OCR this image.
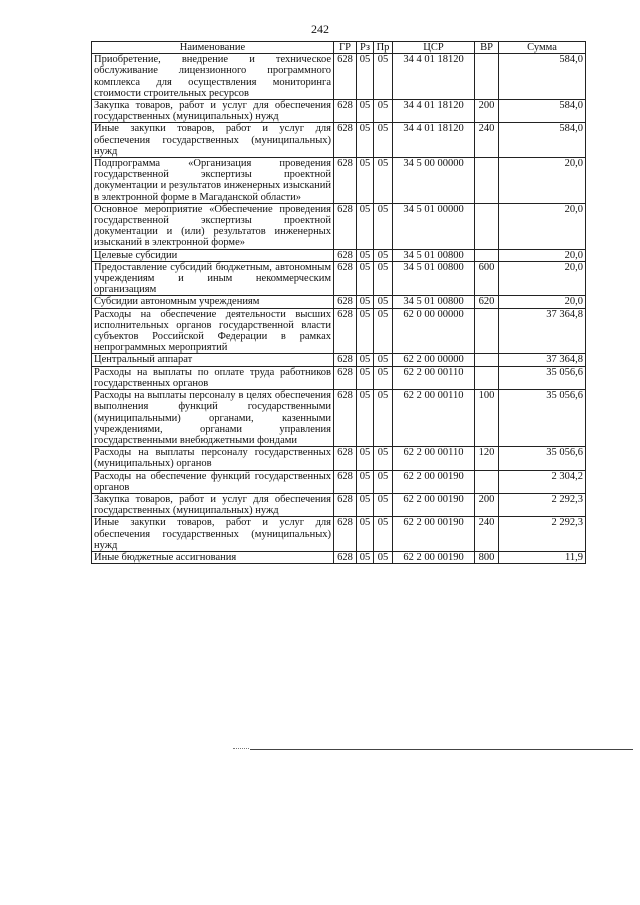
242
Наименование	ГР	Рз	Пр	ЦСР	ВР	Сумма
Приобретение, внедрение и техническое обслуживание лицензионного программного комплекса для осуществления мониторинга стоимости строительных ресурсов	628	05	05	34 4 01 18120		584,0
Закупка товаров, работ и услуг для обеспечения государственных (муниципальных) нужд	628	05	05	34 4 01 18120	200	584,0
Иные закупки товаров, работ и услуг для обеспечения государственных (муниципальных) нужд	628	05	05	34 4 01 18120	240	584,0
Подпрограмма «Организация проведения государственной экспертизы проектной документации и результатов инженерных изысканий в электронной форме в Магаданской области»	628	05	05	34 5 00 00000		20,0
Основное мероприятие «Обеспечение проведения государственной экспертизы проектной документации и (или) результатов инженерных изысканий в электронной форме»	628	05	05	34 5 01 00000		20,0
Целевые субсидии	628	05	05	34 5 01 00800		20,0
Предоставление субсидий бюджетным, автономным учреждениям и иным некоммерческим организациям	628	05	05	34 5 01 00800	600	20,0
Субсидии автономным учреждениям	628	05	05	34 5 01 00800	620	20,0
Расходы на обеспечение деятельности высших исполнительных органов государственной власти субъектов Российской Федерации в рамках непрограммных мероприятий	628	05	05	62 0 00 00000		37 364,8
Центральный аппарат	628	05	05	62 2 00 00000		37 364,8
Расходы на выплаты по оплате труда работников государственных органов	628	05	05	62 2 00 00110		35 056,6
Расходы на выплаты персоналу в целях обеспечения выполнения функций государственными (муниципальными) органами, казенными учреждениями, органами управления государственными внебюджетными фондами	628	05	05	62 2 00 00110	100	35 056,6
Расходы на выплаты персоналу государственных (муниципальных) органов	628	05	05	62 2 00 00110	120	35 056,6
Расходы на обеспечение функций государственных органов	628	05	05	62 2 00 00190		2 304,2
Закупка товаров, работ и услуг для обеспечения государственных (муниципальных) нужд	628	05	05	62 2 00 00190	200	2 292,3
Иные закупки товаров, работ и услуг для обеспечения государственных (муниципальных) нужд	628	05	05	62 2 00 00190	240	2 292,3
Иные бюджетные ассигнования	628	05	05	62 2 00 00190	800	11,9
